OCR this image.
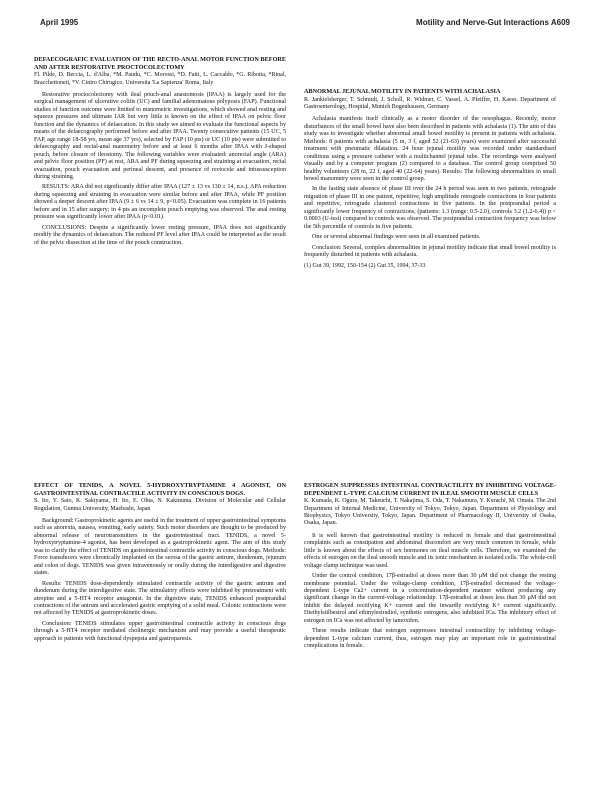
April 1995	Motility and Nerve-Gut Interactions A609
DEFAECOGRAFIC EVALUATION OF THE RECTO-ANAL MOTOR FUNCTION BEFORE AND AFTER RESTORATIVE PROCTOCOLECTOMY
Fl. Pilde, D. Beccia, L. d'Alba, *M. Paudu, *C. Morossi, *D. Fatti, L. Caccaldo, *G. Ribotta, *Rinal, Bracchettoneti, *V. Ciniro Chirugico. Universita 'La Sapienza' Roma, Italy

Restorative proctocolectomy with ileal pouch-anal anastomosis (IPAA) is largely used for the surgical management of ulcerative colitis (UC) and familial adenomatous polyposis (FAP). Functional studies of function outcome were limited to manometric investigations, which showed anal resting and squeeze pressures and ultimate IAR but very little is known on the effect of IPAA on pelvic floor function and the dynamics of defaecation. In this study we aimed to evaluate the functional aspects by means of the defaecography performed before and after IPAA. Twenty consecutive patients (15 UC, 5 FAP, age range 18-58 yrs, mean age 37 yrs), selected by FAP (10 pts) or UC (10 pts) were submitted to defaecography and rectal-anal manometry before and at least 6 months after IPAA with J-shaped pouch, before closure of ileostomy. The following variables were evaluated: anorectal angle (ARA) and pelvic floor position (PF) at rest, ARA and PF during squeezing and straining at evacuation, rectal evacuation, pouch evacuation and perineal descent, and presence of rectocele and intussusception during straining.

RESULTS: ARA did not significantly differ after IPAA (127 ± 13 vs 130 ± 14, n.s.). APA reduction during squeezing and straining in evacuation were similar before and after IPAA, while PF position showed a deeper descent after IPAA (9 ± 6 vs 14 ± 9, p<0.05). Evacuation was complete in 16 patients before and in 15 after surgery; in 4 pts an incomplete pouch emptying was observed. The anal resting pressure was significantly lower after IPAA (p<0.01).

CONCLUSIONS: Despite a significantly lower resting pressure, IPAA does not significantly modify the dynamics of defaecation. The reduced PF level after IPAA could be interpreted as the result of the pelvic dissection at the time of the pouch construction.

ABNORMAL JEJUNAL MOTILITY IN PATIENTS WITH ACHALASIA
R. Jankielsherger, T. Schmidt, J. Scholl, R. Widmer, C. Vassel, A. Pfeiffer, H. Kaess. Department of Gastroenterology, Hospital, Munich Bogenhausen, Germany

Achalasia manifests itself clinically as a motor disorder of the oesophagus. Recently, motor disturbances of the small bowel have also been described in patients with achalasia (1). The aim of this study was to investigate whether abnormal small bowel motility is present in patients with achalasia. Methods: 8 patients with achalasia (5 m, 3 f, aged 52 (21-63) years) were examined after successful treatment with pneumatic dilatation. 24 hour jejunal motility was recorded under standardised conditions using a pressure catheter with a multichannel jejunal tube. The recordings were analysed visually and by a computer program (2) compared to a database. The control group comprised 50 healthy volunteers (28 m, 22 f, aged 40 (22-64) years). Results: The following abnormalities in small bowel manometry were seen in the control group.

In the fasting state absence of phase III over the 24 h period was seen in two patients, retrograde migration of phase III in one patient, repetitive, high amplitude retrograde contractions in four patients and repetitive, retrograde clustered contractions in five patients. In the postprandial period a significantly lower frequency of contractions, (patients: 1.3 (range: 0.5-2.0), controls 3.2 (1.2-6.4)) p < 0.0003 (U-test) compared to controls was observed. The postprandial contraction frequency was below the 5th percentile of controls in five patients.

One or several abnormal findings were seen in all examined patients.

Conclusion: Several, complex abnormalities in jejunal motility indicate that small bowel motility is frequently disturbed in patients with achalasia.

(1) Gut 39, 1992, 150-154 (2) Gut 35, 1994, 37-33
EFFECT OF TENIDS, A NOVEL 5-HYDROXYTRYPTAMINE 4 AGONIST, ON GASTROINTESTINAL CONTRACTILE ACTIVITY IN CONSCIOUS DOGS.
S. Ito, Y. Sato, K. Sakiyama, H. Ito, E. Ohta, N. Kakinuma. Division of Molecular and Cellular Regulation, Gunma University, Maebashi, Japan

Background: Gastroprokinetic agents are useful in the treatment of upper gastrointestinal symptoms such as anorexia, nausea, vomiting, early satiety. Such motor disorders are thought to be produced by abnormal release of neurotransmitters in the gastrointestinal tract. TENIDS, a novel 5-hydroxytryptamine-4 agonist, has been developed as a gastroprokinetic agent. The aim of this study was to clarify the effect of TENIDS on gastrointestinal contractile activity in conscious dogs. Methods: Force transducers were chronically implanted on the serosa of the gastric antrum, duodenum, jejunum and colon of dogs. TENIDS was given intravenously or orally during the interdigestive and digestive states.

Results: TENIDS dose-dependently stimulated contractile activity of the gastric antrum and duodenum during the interdigestive state. The stimulatory effects were inhibited by pretreatment with atropine and a 5-HT4 receptor antagonist. In the digestive state, TENIDS enhanced postprandial contractions of the antrum and accelerated gastric emptying of a solid meal. Colonic contractions were not affected by TENIDS at gastroprokinetic doses.

Conclusion: TENIDS stimulates upper gastrointestinal contractile activity in conscious dogs through a 5-HT4 receptor mediated cholinergic mechanism and may provide a useful therapeutic approach to patients with functional dyspepsia and gastroparesis.

ESTROGEN SUPPRESSES INTESTINAL CONTRACTILITY BY INHIBITING VOLTAGE-DEPENDENT L-TYPE CALCIUM CURRENT IN ILEAL SMOOTH MUSCLE CELLS
K. Kumada, K. Ogura, M. Takeuchi, T. Nakajima, S. Oda, T. Nakamura, Y. Kurachi, M. Omata. The 2nd Department of Internal Medicine, University of Tokyo, Tokyo, Japan. Department of Physiology and Biophysics, Tokyo University, Tokyo, Japan. Department of Pharmacology II, University of Osaka, Osaka, Japan.

It is well known that gastrointestinal motility is reduced in female and that gastrointestinal complaints such as constipation and abdominal discomfort are very much common in female, while little is known about the effects of sex hormones on ileal muscle cells. Therefore, we examined the effects of estrogen on the ileal smooth muscle and its ionic mechanism in isolated cells. The whole-cell voltage clamp technique was used.

Under the control condition, 17β-estradiol at doses more than 30 μM did not change the resting membrane potential. Under the voltage-clamp condition, 17β-estradiol decreased the voltage-dependent L-type Ca2+ current in a concentration-dependent manner without producing any significant change in the current-voltage relationship. 17β-estradiol at doses less than 30 μM did not inhibit the delayed rectifying K+ current and the inwardly rectifying K+ current significantly. Diethylstilbestrol and ethinylestradiol, synthetic estrogens, also inhibited ICa. The inhibitory effect of estrogen on ICa was not affected by tamoxifen.

These results indicate that estrogen suppresses intestinal contractility by inhibiting voltage-dependent L-type calcium current, thus, estrogen may play an important role in gastrointestinal complications in female.
